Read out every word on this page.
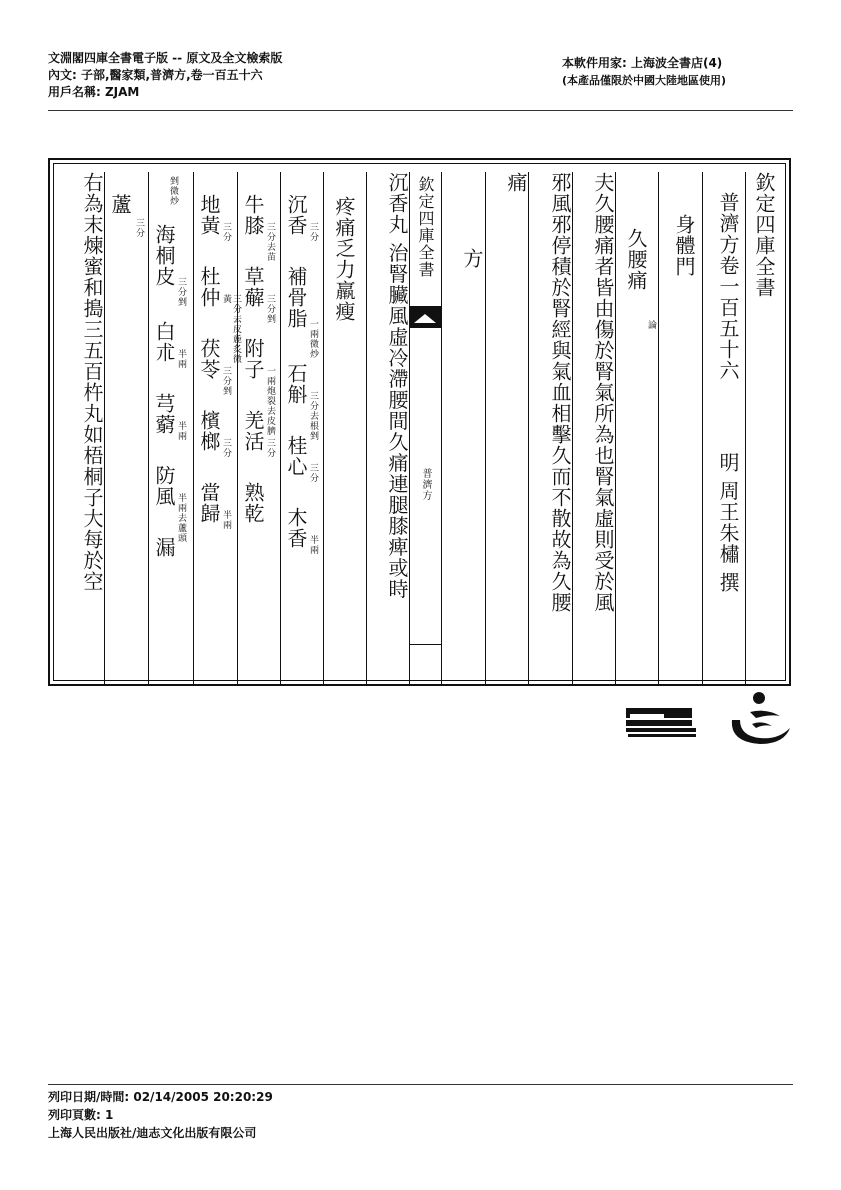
文淵閣四庫全書電子版 -- 原文及全文檢索版
內文: 子部,醫家類,普濟方,卷一百五十六
用戶名稱: ZJAM
本軟件用家: 上海波全書店(4)
(本產品僅限於中國大陸地區使用)
欽定四庫全書
普濟方卷一百五十六
明 周王朱橚 撰
身體門
久腰痛
論
夫久腰痛者皆由傷於腎氣所為也腎氣虛則受於風
邪風邪停積於腎經與氣血相擊久而不散故為久腰
痛
方
欽定四庫全書
普濟方
沉香丸 治腎臟風虛冷滯腰間久痛連腿膝痺或時
疼痛乏力羸瘦
沉香 三分
補骨脂
一兩微炒
石斛
三分去根剉
桂心 三分
木香 半兩
牛膝
三分去苗
草薢
三分剉
附子
一兩炮裂去皮臍
羌活 三分
熟乾
地黃 三分
杜仲
三分去皮麁炙微黃
茯苓
三分剉
檳榔 三分
當歸 半兩
剉微炒
海桐皮
三分剉
白朮 半兩
芎藭 半兩
防風
半兩去蘆頭
漏
蘆
三分
右為末煉蜜和搗三五百杵丸如梧桐子大每於空
列印日期/時間: 02/14/2005 20:20:29
列印頁數: 1
上海人民出版社/迪志文化出版有限公司
